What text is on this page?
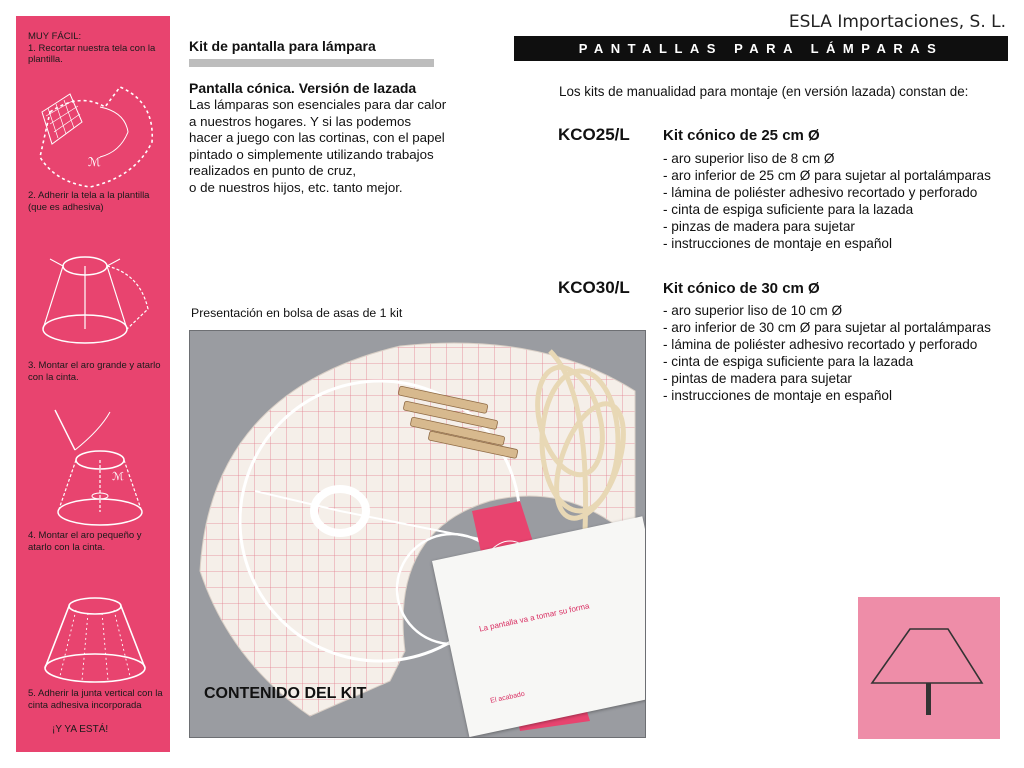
MUY FÁCIL:
1. Recortar nuestra tela con la plantilla.
ℳ
2. Adherir la tela a la plantilla (que es adhesiva)
3. Montar el aro grande y atarlo con la cinta.
ℳ
4. Montar el aro pequeño y atarlo con la cinta.
5. Adherir la junta vertical con la cinta adhesiva incorporada
¡Y YA ESTÁ!
Kit de pantalla para lámpara
Pantalla cónica. Versión de lazada
Las lámparas son esenciales para dar calor
a nuestros hogares. Y si las podemos
hacer a juego con las cortinas, con el papel
pintado o simplemente utilizando trabajos
realizados en punto de cruz,
o de nuestros hijos, etc. tanto mejor.
Presentación en bolsa de asas de 1 kit
La pantalla va a tomar su forma
El acabado
CONTENIDO DEL KIT
ESLA Importaciones, S. L.
PANTALLAS PARA LÁMPARAS
Los kits de manualidad para montaje (en versión lazada) constan de:
KCO25/L Kit cónico de 25 cm Ø
- aro superior liso de 8 cm Ø
- aro inferior de 25 cm Ø para sujetar al portalámparas
- lámina de poliéster adhesivo recortado y perforado
- cinta de espiga suficiente para la lazada
- pinzas de madera para sujetar
- instrucciones de montaje en español
KCO30/L Kit cónico de 30 cm Ø
- aro superior liso de 10 cm Ø
- aro inferior de 30 cm Ø para sujetar al portalámparas
- lámina de poliéster adhesivo recortado y perforado
- cinta de espiga suficiente para la lazada
- pintas de madera para sujetar
- instrucciones de montaje en español
